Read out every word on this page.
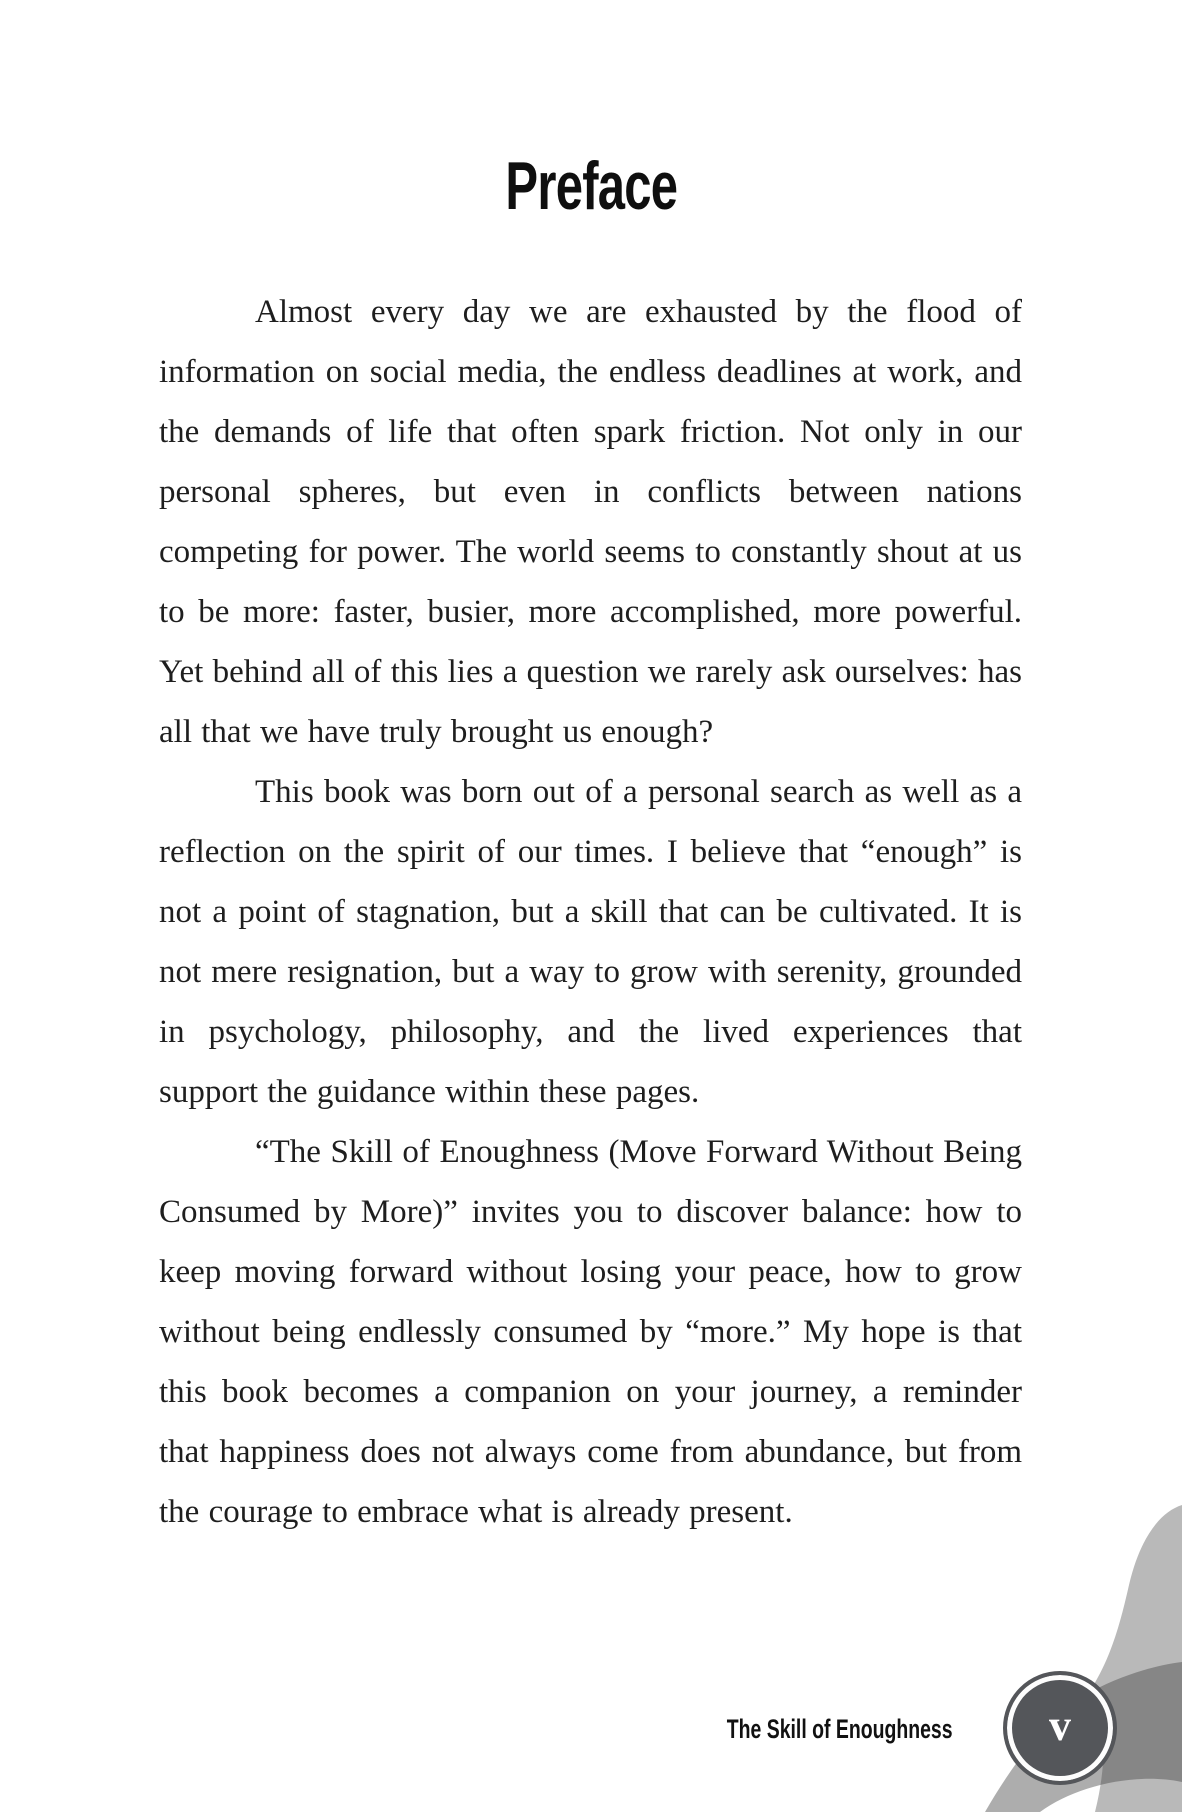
Preface

Almost every day we are exhausted by the flood of information on social media, the endless deadlines at work, and the demands of life that often spark friction. Not only in our personal spheres, but even in conflicts between nations competing for power. The world seems to constantly shout at us to be more: faster, busier, more accomplished, more powerful. Yet behind all of this lies a question we rarely ask ourselves: has all that we have truly brought us enough?

This book was born out of a personal search as well as a reflection on the spirit of our times. I believe that “enough” is not a point of stagnation, but a skill that can be cultivated. It is not mere resignation, but a way to grow with serenity, grounded in psychology, philosophy, and the lived experiences that support the guidance within these pages.

“The Skill of Enoughness (Move Forward Without Being Consumed by More)” invites you to discover balance: how to keep moving forward without losing your peace, how to grow without being endlessly consumed by “more.” My hope is that this book becomes a companion on your journey, a reminder that happiness does not always come from abundance, but from the courage to embrace what is already present.

The Skill of Enoughness v
